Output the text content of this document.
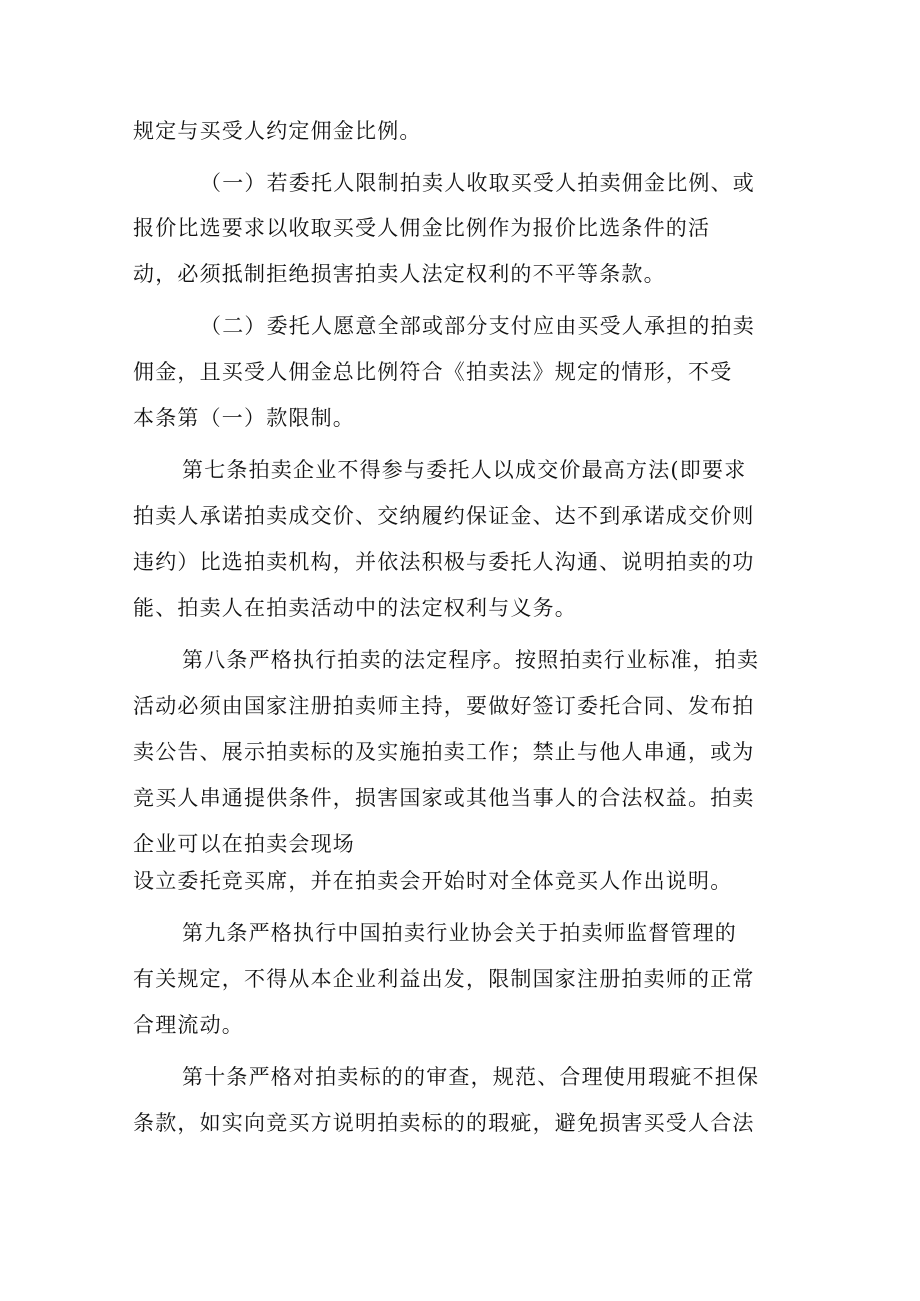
规定与买受人约定佣金比例。
（一）若委托人限制拍卖人收取买受人拍卖佣金比例、或
报价比选要求以收取买受人佣金比例作为报价比选条件的活
动，必须抵制拒绝损害拍卖人法定权利的不平等条款。
（二）委托人愿意全部或部分支付应由买受人承担的拍卖
佣金，且买受人佣金总比例符合《拍卖法》规定的情形，不受
本条第（一）款限制。
第七条拍卖企业不得参与委托人以成交价最高方法(即要求
拍卖人承诺拍卖成交价、交纳履约保证金、达不到承诺成交价则
违约）比选拍卖机构，并依法积极与委托人沟通、说明拍卖的功
能、拍卖人在拍卖活动中的法定权利与义务。
第八条严格执行拍卖的法定程序。按照拍卖行业标准，拍卖
活动必须由国家注册拍卖师主持，要做好签订委托合同、发布拍
卖公告、展示拍卖标的及实施拍卖工作；禁止与他人串通，或为
竞买人串通提供条件，损害国家或其他当事人的合法权益。拍卖
企业可以在拍卖会现场
设立委托竞买席，并在拍卖会开始时对全体竞买人作出说明。
第九条严格执行中国拍卖行业协会关于拍卖师监督管理的
有关规定，不得从本企业利益出发，限制国家注册拍卖师的正常
合理流动。
第十条严格对拍卖标的的审查，规范、合理使用瑕疵不担保
条款，如实向竞买方说明拍卖标的的瑕疵，避免损害买受人合法
